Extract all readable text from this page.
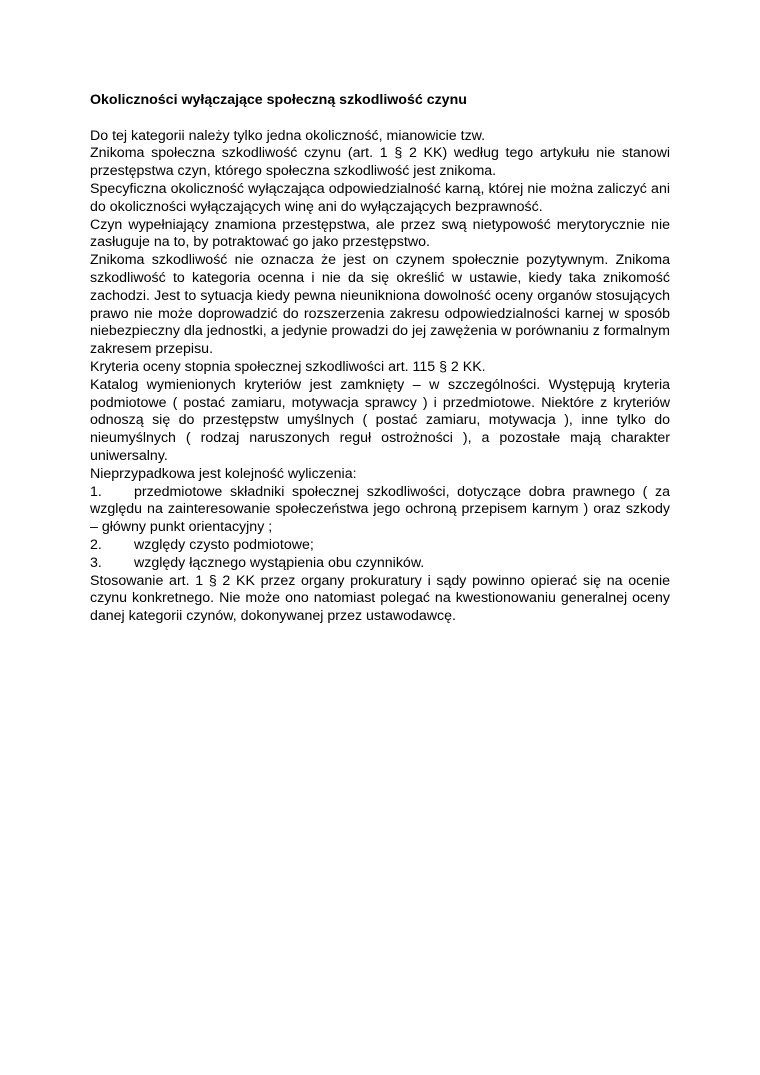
Okoliczności wyłączające społeczną szkodliwość czynu

Do tej kategorii należy tylko jedna okoliczność, mianowicie tzw.

Znikoma społeczna szkodliwość czynu (art. 1 § 2 KK) według tego artykułu nie stanowi przestępstwa czyn, którego społeczna szkodliwość jest znikoma.

Specyficzna okoliczność wyłączająca odpowiedzialność karną, której nie można zaliczyć ani do okoliczności wyłączających winę ani do wyłączających bezprawność.

Czyn wypełniający znamiona przestępstwa, ale przez swą nietypowość merytorycznie nie zasługuje na to, by potraktować go jako przestępstwo.

Znikoma szkodliwość nie oznacza że jest on czynem społecznie pozytywnym. Znikoma szkodliwość to kategoria ocenna i nie da się określić w ustawie, kiedy taka znikomość zachodzi. Jest to sytuacja kiedy pewna nieunikniona dowolność oceny organów stosujących prawo nie może doprowadzić do rozszerzenia zakresu odpowiedzialności karnej w sposób niebezpieczny dla jednostki, a jedynie prowadzi do jej zawężenia w porównaniu z formalnym zakresem przepisu.

Kryteria oceny stopnia społecznej szkodliwości art. 115 § 2 KK.

Katalog wymienionych kryteriów jest zamknięty – w szczególności. Występują kryteria podmiotowe ( postać zamiaru, motywacja sprawcy ) i przedmiotowe. Niektóre z kryteriów odnoszą się do przestępstw umyślnych ( postać zamiaru, motywacja ), inne tylko do nieumyślnych ( rodzaj naruszonych reguł ostrożności ), a pozostałe mają charakter uniwersalny.

Nieprzypadkowa jest kolejność wyliczenia:

1. przedmiotowe składniki społecznej szkodliwości, dotyczące dobra prawnego ( za względu na zainteresowanie społeczeństwa jego ochroną przepisem karnym ) oraz szkody – główny punkt orientacyjny ;

2. względy czysto podmiotowe;

3. względy łącznego wystąpienia obu czynników.

Stosowanie art. 1 § 2 KK przez organy prokuratury i sądy powinno opierać się na ocenie czynu konkretnego. Nie może ono natomiast polegać na kwestionowaniu generalnej oceny danej kategorii czynów, dokonywanej przez ustawodawcę.
